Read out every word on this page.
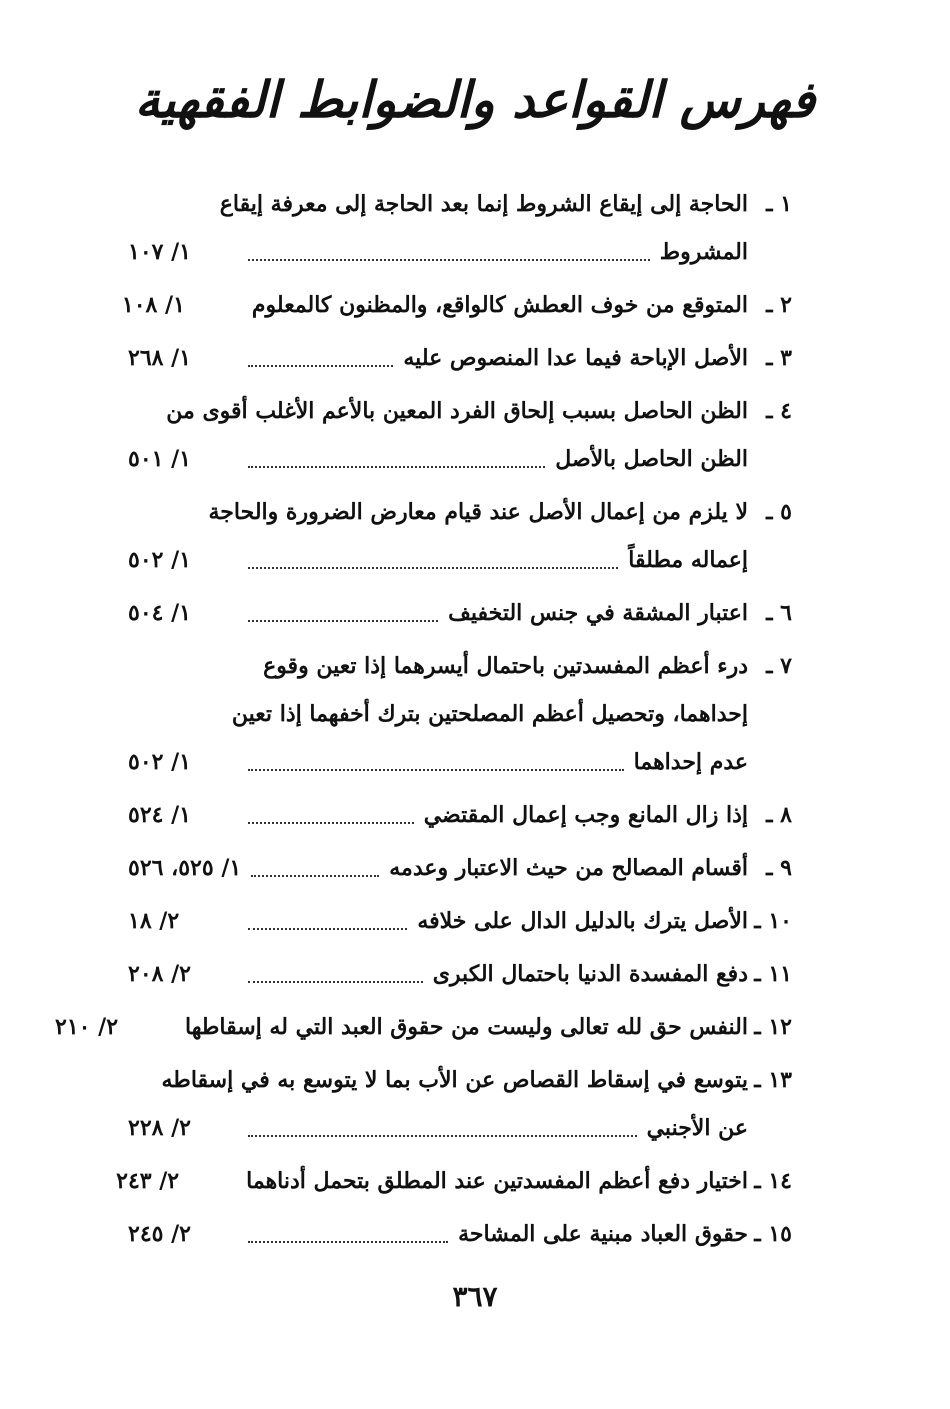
فهرس القواعد والضوابط الفقهية
١ ـ
الحاجة إلى إيقاع الشروط إنما بعد الحاجة إلى معرفة إيقاع
المشروط
١/ ١٠٧
٢ ـ
المتوقع من خوف العطش كالواقع، والمظنون كالمعلوم
١/ ١٠٨
٣ ـ
الأصل الإباحة فيما عدا المنصوص عليه
١/ ٢٦٨
٤ ـ
الظن الحاصل بسبب إلحاق الفرد المعين بالأعم الأغلب أقوى من
الظن الحاصل بالأصل
١/ ٥٠١
٥ ـ
لا يلزم من إعمال الأصل عند قيام معارض الضرورة والحاجة
إعماله مطلقاً
١/ ٥٠٢
٦ ـ
اعتبار المشقة في جنس التخفيف
١/ ٥٠٤
٧ ـ
درء أعظم المفسدتين باحتمال أيسرهما إذا تعين وقوع
إحداهما، وتحصيل أعظم المصلحتين بترك أخفهما إذا تعين
عدم إحداهما
١/ ٥٠٢
٨ ـ
إذا زال المانع وجب إعمال المقتضي
١/ ٥٢٤
٩ ـ
أقسام المصالح من حيث الاعتبار وعدمه
١/ ٥٢٥، ٥٢٦
١٠ ـ
الأصل يترك بالدليل الدال على خلافه
٢/ ١٨
١١ ـ
دفع المفسدة الدنيا باحتمال الكبرى
٢/ ٢٠٨
١٢ ـ
النفس حق لله تعالى وليست من حقوق العبد التي له إسقاطها
٢/ ٢١٠
١٣ ـ
يتوسع في إسقاط القصاص عن الأب بما لا يتوسع به في إسقاطه
عن الأجنبي
٢/ ٢٢٨
١٤ ـ
اختيار دفع أعظم المفسدتين عند المطلق بتحمل أدناهما
٢/ ٢٤٣
١٥ ـ
حقوق العباد مبنية على المشاحة
٢/ ٢٤٥
٣٦٧
